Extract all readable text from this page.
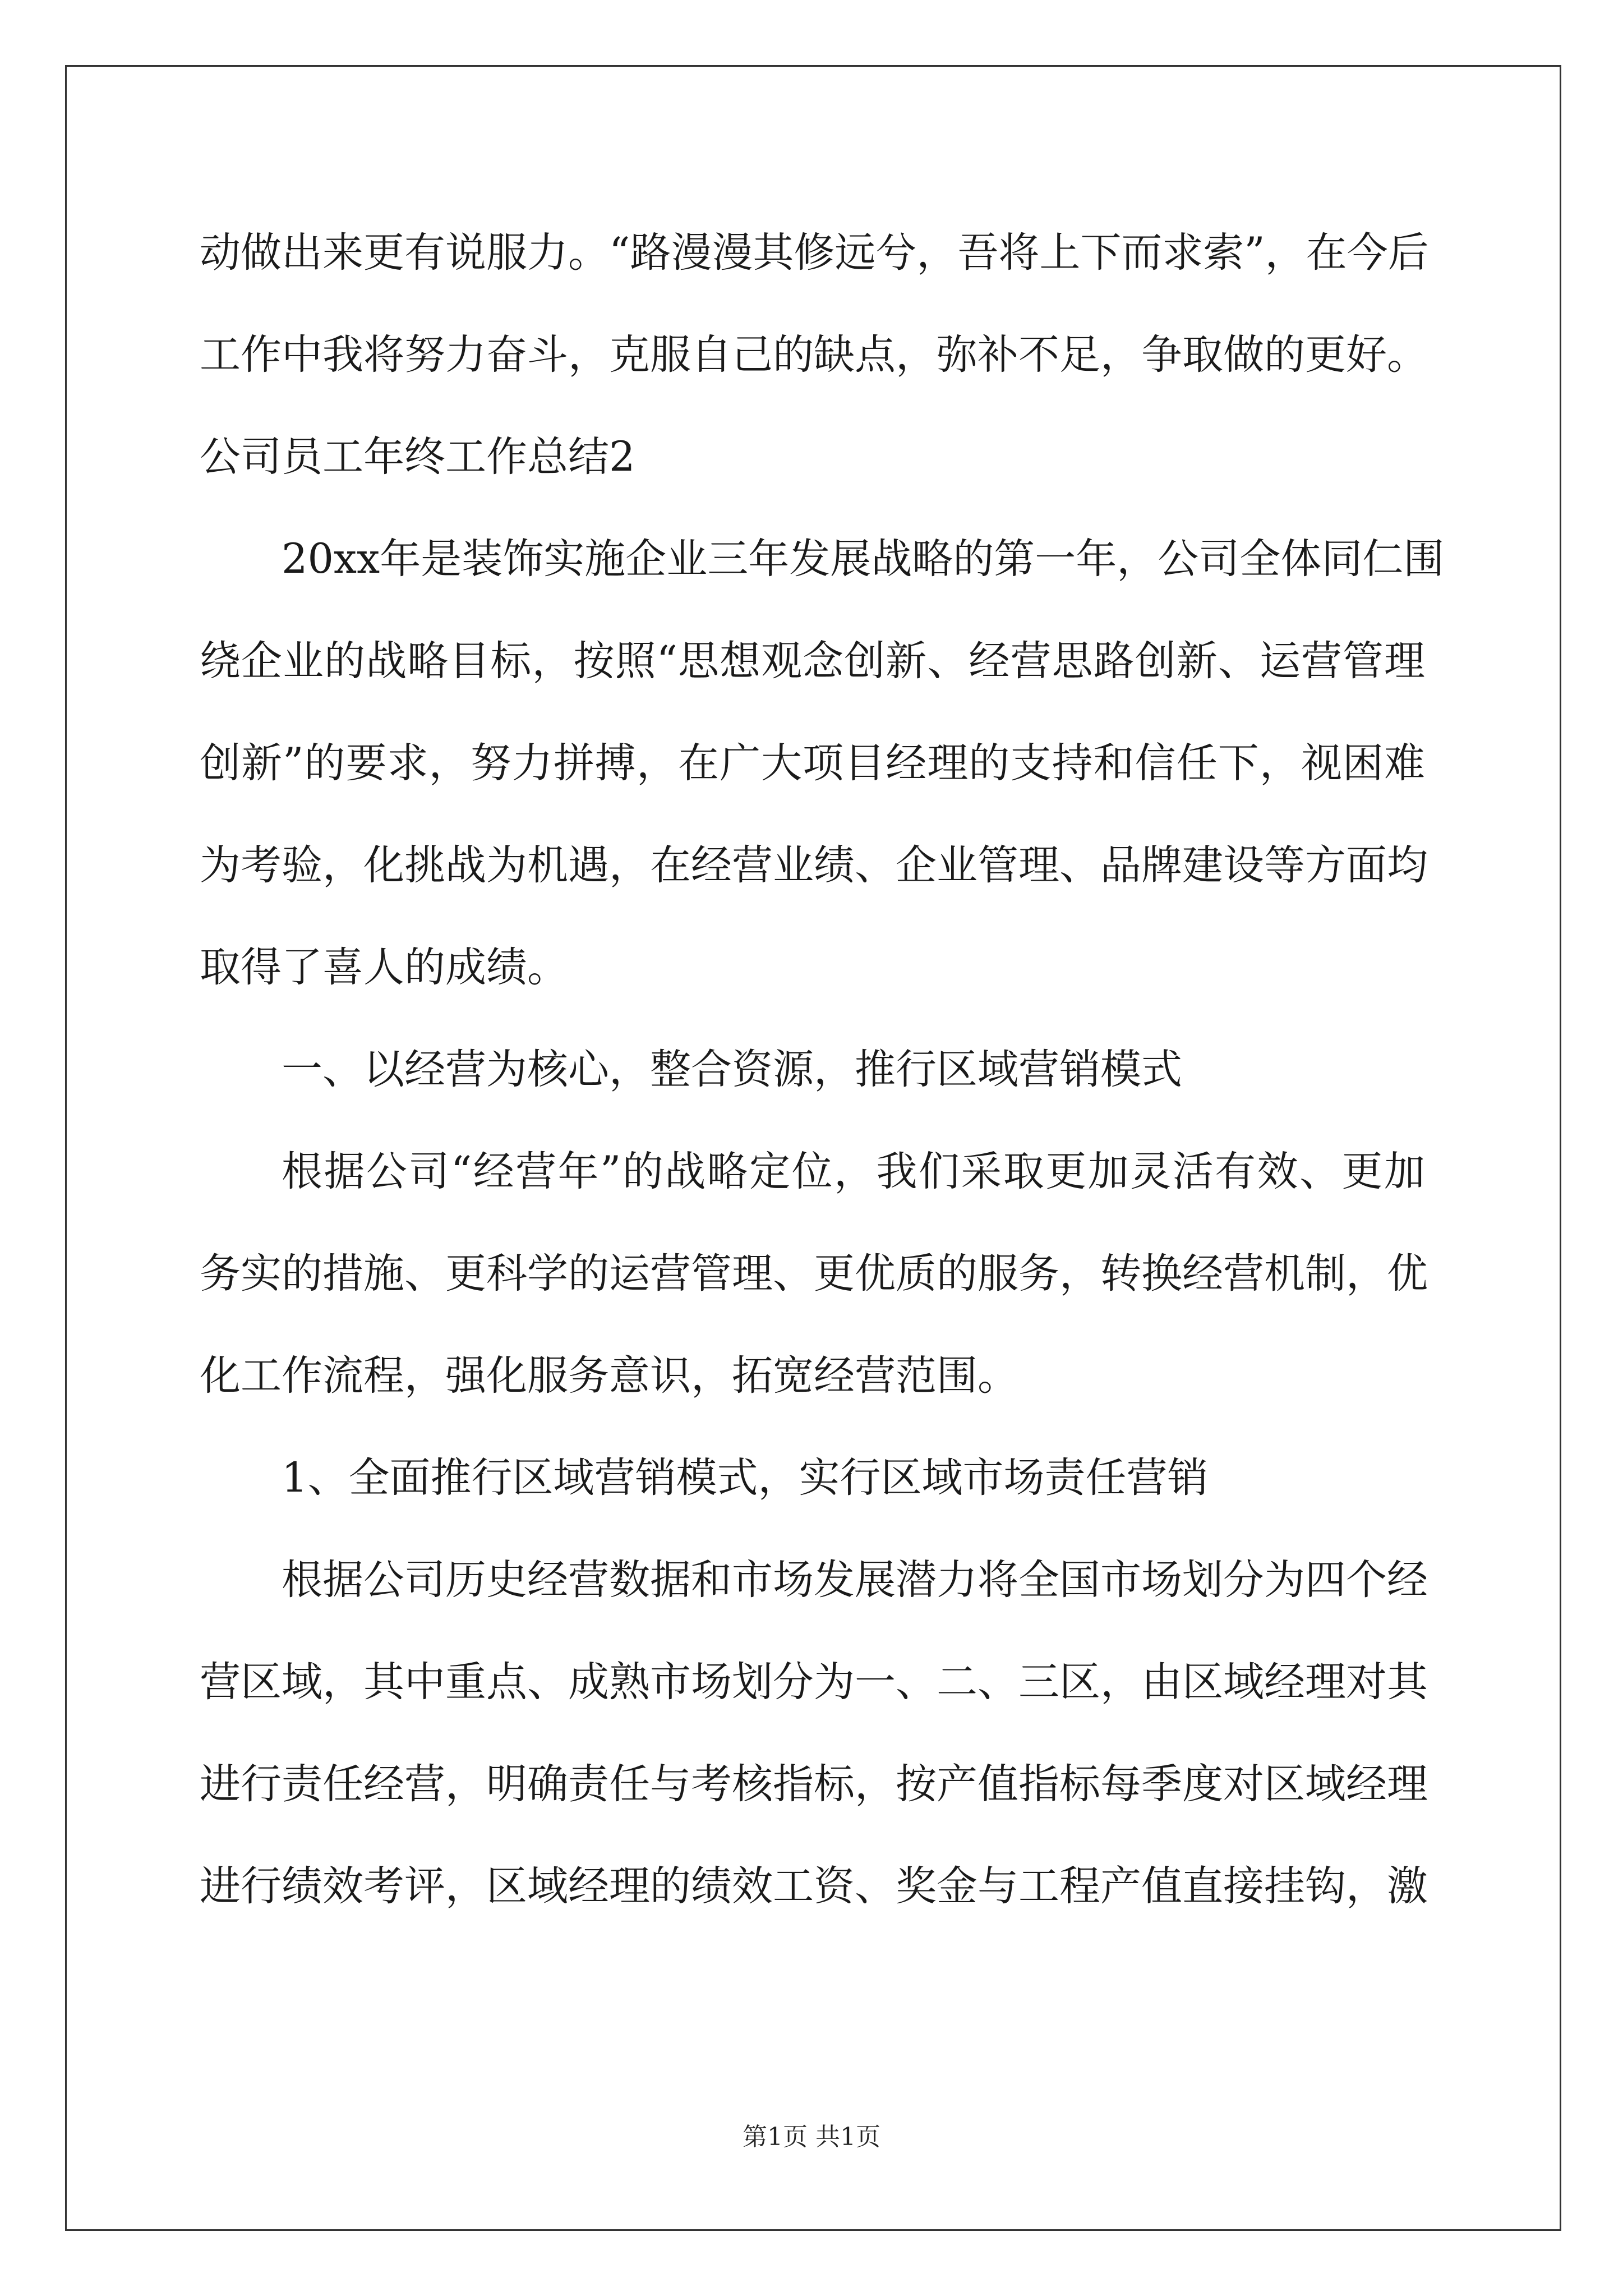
动做出来更有说服力。“路漫漫其修远兮，吾将上下而求索”，在今后
工作中我将努力奋斗，克服自己的缺点，弥补不足，争取做的更好。
公司员工年终工作总结2
20xx年是装饰实施企业三年发展战略的第一年，公司全体同仁围
绕企业的战略目标，按照“思想观念创新、经营思路创新、运营管理
创新”的要求，努力拼搏，在广大项目经理的支持和信任下，视困难
为考验，化挑战为机遇，在经营业绩、企业管理、品牌建设等方面均
取得了喜人的成绩。
一、以经营为核心，整合资源，推行区域营销模式
根据公司“经营年”的战略定位，我们采取更加灵活有效、更加
务实的措施、更科学的运营管理、更优质的服务，转换经营机制，优
化工作流程，强化服务意识，拓宽经营范围。
1、全面推行区域营销模式，实行区域市场责任营销
根据公司历史经营数据和市场发展潜力将全国市场划分为四个经
营区域，其中重点、成熟市场划分为一、二、三区，由区域经理对其
进行责任经营，明确责任与考核指标，按产值指标每季度对区域经理
进行绩效考评，区域经理的绩效工资、奖金与工程产值直接挂钩，激
第1页 共1页
